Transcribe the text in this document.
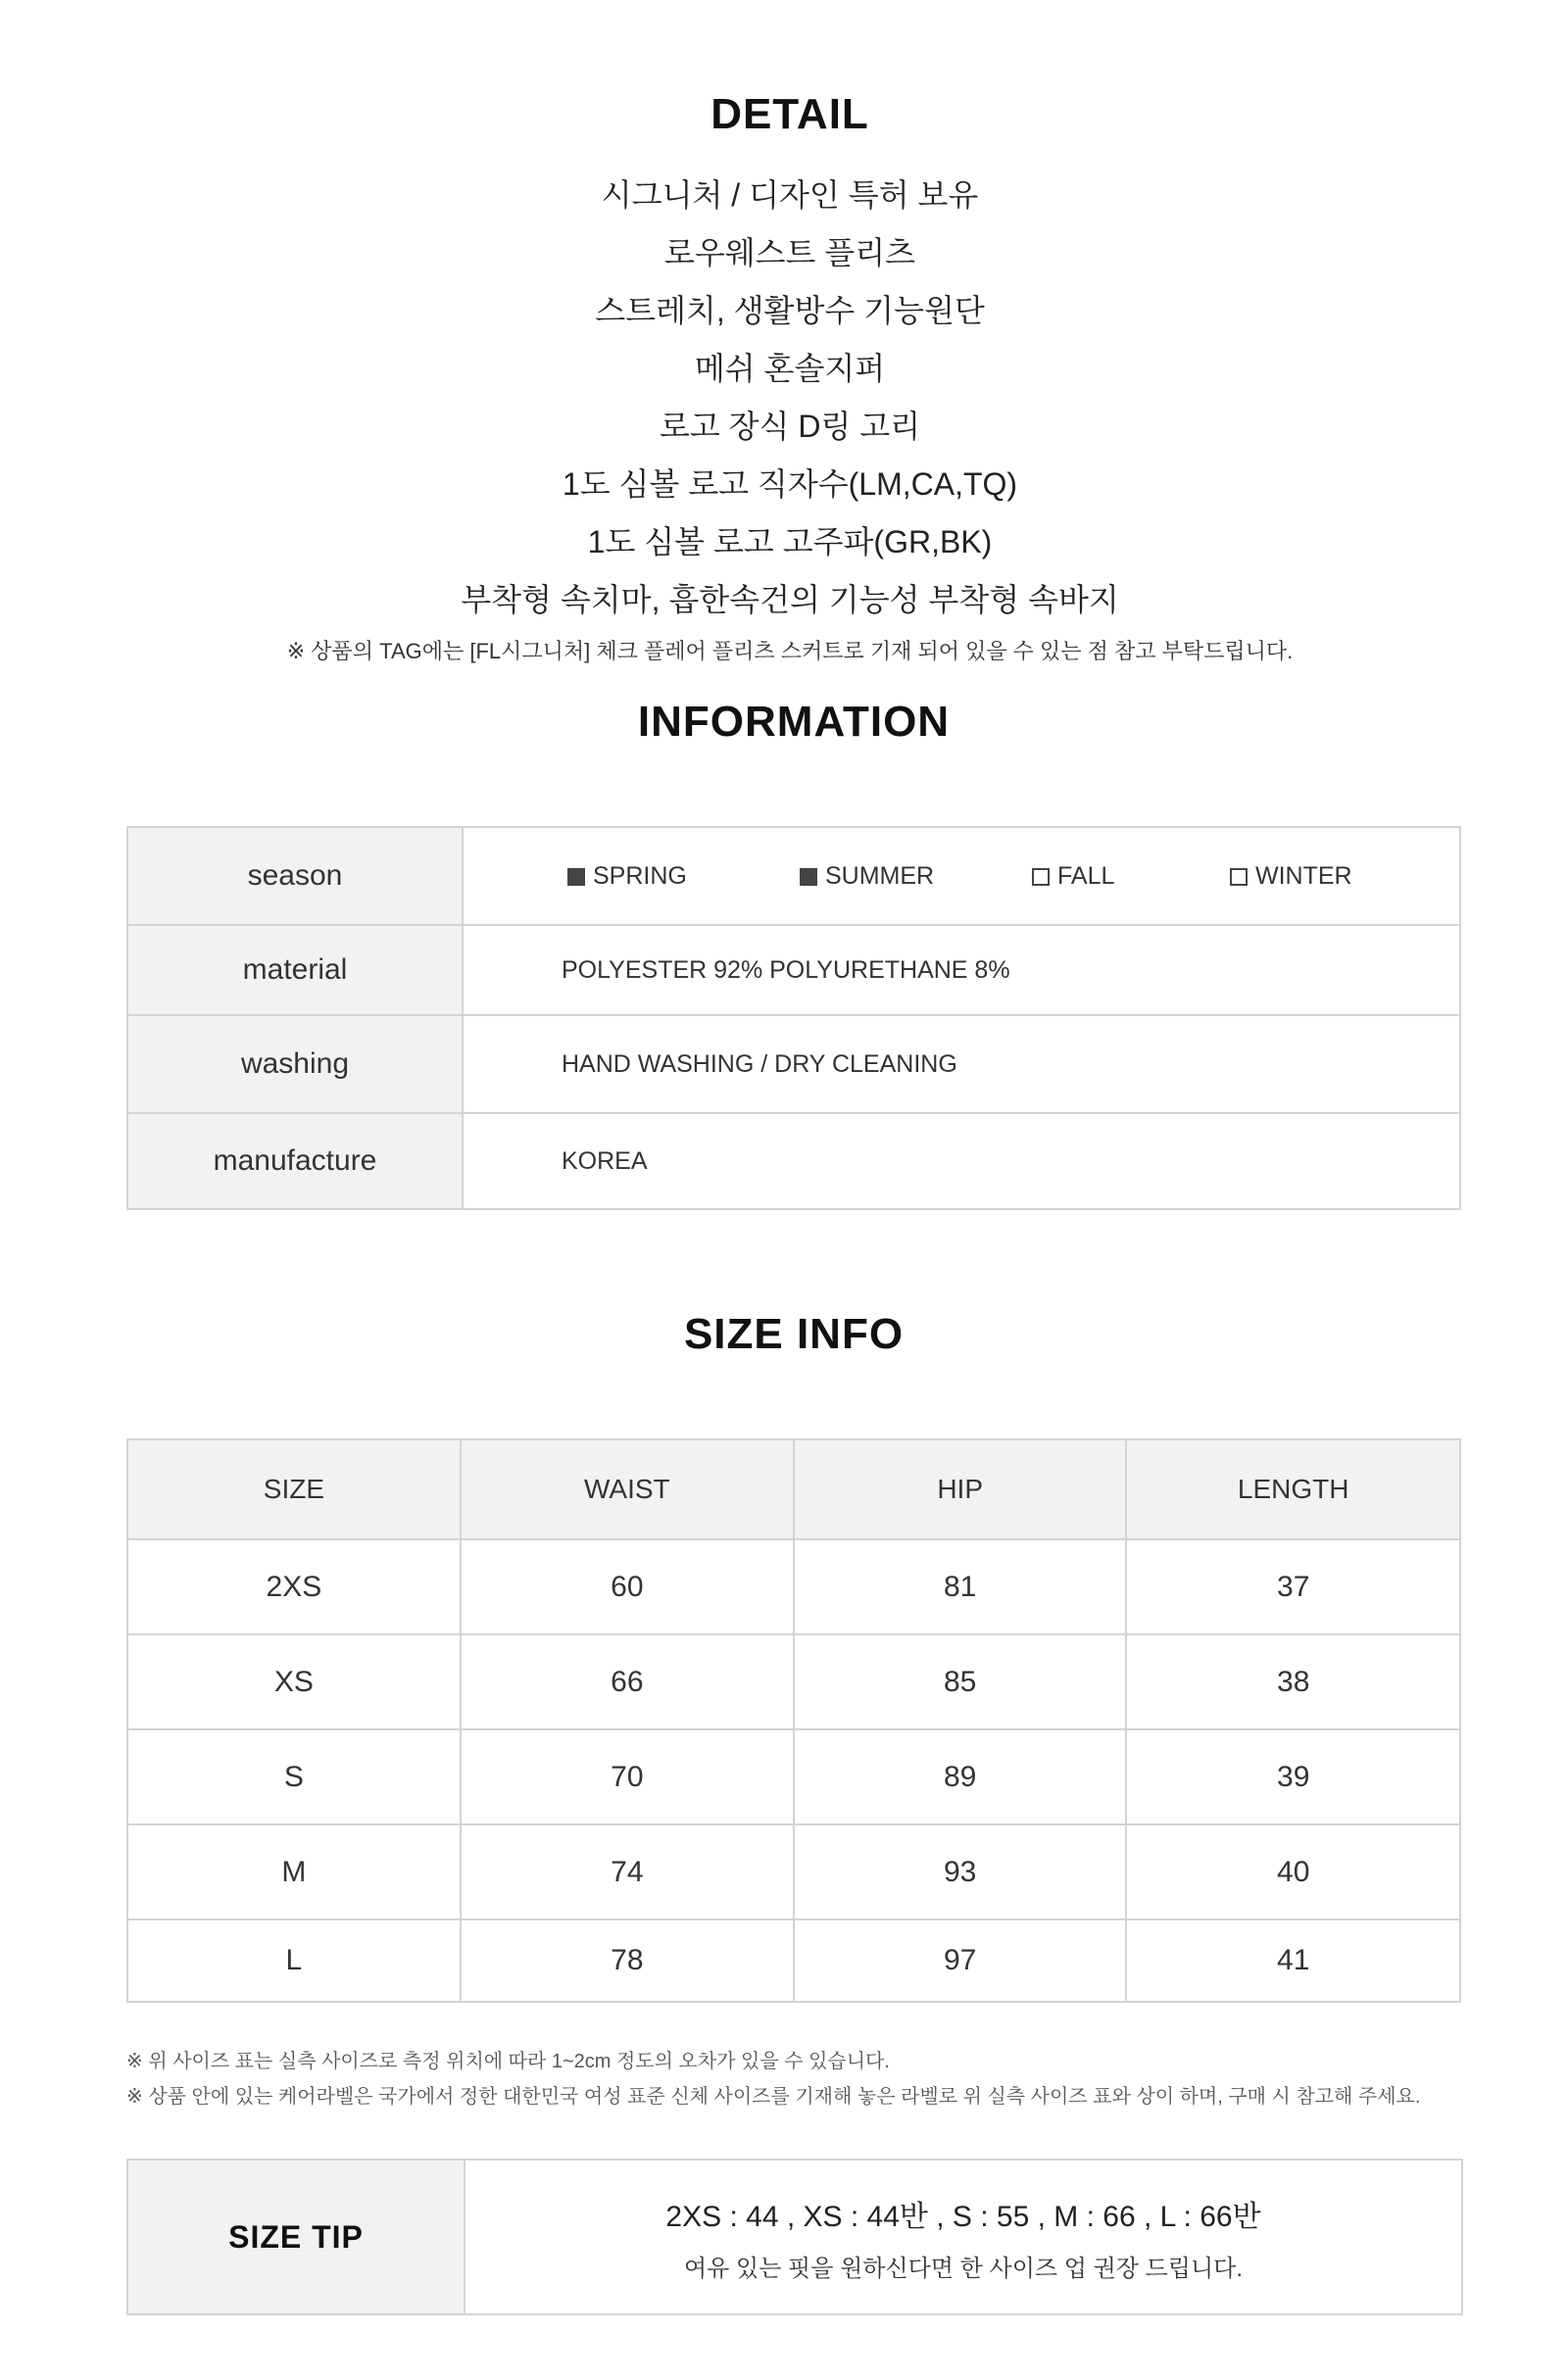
DETAIL
시그니처 / 디자인 특허 보유
로우웨스트 플리츠
스트레치, 생활방수 기능원단
메쉬 혼솔지퍼
로고 장식 D링 고리
1도 심볼 로고 직자수(LM,CA,TQ)
1도 심볼 로고 고주파(GR,BK)
부착형 속치마, 흡한속건의 기능성 부착형 속바지
※ 상품의 TAG에는 [FL시그니처] 체크 플레어 플리츠 스커트로 기재 되어 있을 수 있는 점 참고 부탁드립니다.
INFORMATION
season	SPRING SUMMER FALL WINTER
material	POLYESTER 92% POLYURETHANE 8%
washing	HAND WASHING / DRY CLEANING
manufacture	KOREA
SIZE INFO
SIZE	WAIST	HIP	LENGTH
2XS	60	81	37
XS	66	85	38
S	70	89	39
M	74	93	40
L	78	97	41
※ 위 사이즈 표는 실측 사이즈로 측정 위치에 따라 1~2cm 정도의 오차가 있을 수 있습니다.
※ 상품 안에 있는 케어라벨은 국가에서 정한 대한민국 여성 표준 신체 사이즈를 기재해 놓은 라벨로 위 실측 사이즈 표와 상이 하며, 구매 시 참고해 주세요.
SIZE TIP	
2XS : 44 , XS : 44반 , S : 55 , M : 66 , L : 66반
여유 있는 핏을 원하신다면 한 사이즈 업 권장 드립니다.
